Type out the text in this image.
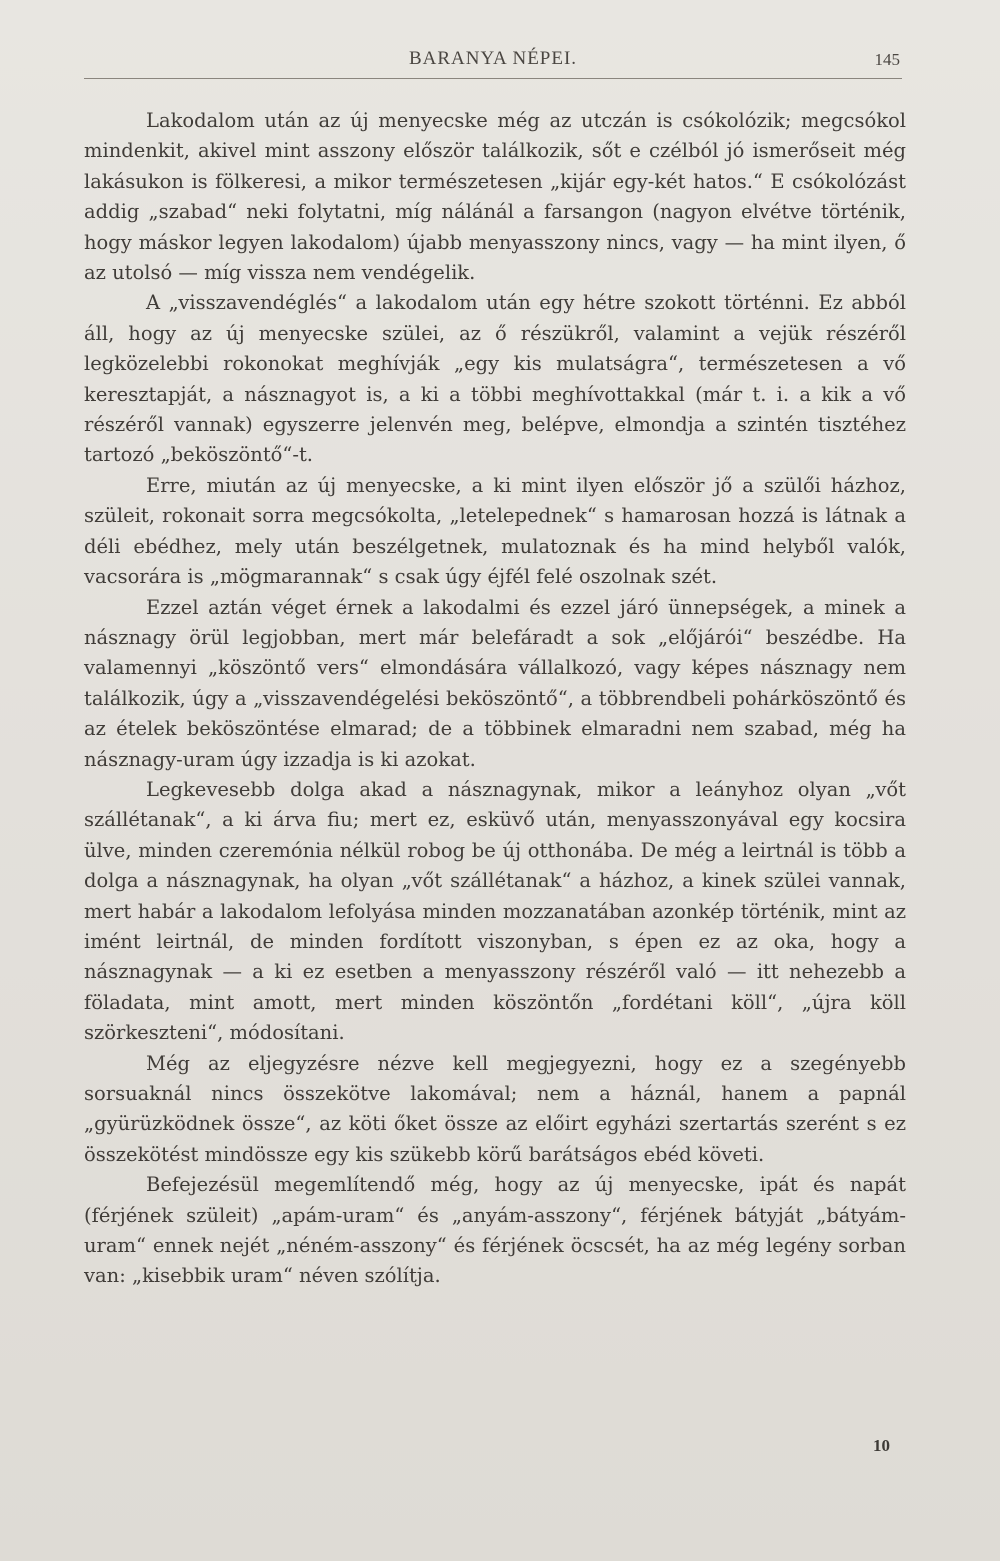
BARANYA NÉPEI.	145

Lakodalom után az új menyecske még az utczán is csókolózik; megcsókol mindenkit, akivel mint asszony először találkozik, sőt e czélból jó ismerőseit még lakásukon is fölkeresi, a mikor természetesen „kijár egy-két hatos.“ E csókolózást addig „szabad“ neki folytatni, míg nálánál a farsangon (nagyon elvétve történik, hogy máskor legyen lakodalom) újabb menyasszony nincs, vagy — ha mint ilyen, ő az utolsó — míg vissza nem vendégelik.

A „visszavendéglés“ a lakodalom után egy hétre szokott történni. Ez abból áll, hogy az új menyecske szülei, az ő részükről, valamint a vejük részéről legközelebbi rokonokat meghívják „egy kis mulatságra“, természetesen a vő keresztapját, a násznagyot is, a ki a többi meghívottakkal (már t. i. a kik a vő részéről vannak) egyszerre jelenvén meg, belépve, elmondja a szintén tisztéhez tartozó „beköszöntő“-t.

Erre, miután az új menyecske, a ki mint ilyen először jő a szülői házhoz, szüleit, rokonait sorra megcsókolta, „letelepednek“ s hamarosan hozzá is látnak a déli ebédhez, mely után beszélgetnek, mulatoznak és ha mind helyből valók, vacsorára is „mögmarannak“ s csak úgy éjfél felé oszolnak szét.

Ezzel aztán véget érnek a lakodalmi és ezzel járó ünnepségek, a minek a násznagy örül legjobban, mert már belefáradt a sok „előjárói“ beszédbe. Ha valamennyi „köszöntő vers“ elmondására vállalkozó, vagy képes násznagy nem találkozik, úgy a „visszavendégelési beköszöntő“, a többrendbeli pohárköszöntő és az ételek beköszöntése elmarad; de a többinek elmaradni nem szabad, még ha násznagy-uram úgy izzadja is ki azokat.

Legkevesebb dolga akad a násznagynak, mikor a leányhoz olyan „vőt szállétanak“, a ki árva fiu; mert ez, esküvő után, menyasszonyával egy kocsira ülve, minden czeremónia nélkül robog be új otthonába. De még a leirtnál is több a dolga a násznagynak, ha olyan „vőt szállétanak“ a házhoz, a kinek szülei vannak, mert habár a lakodalom lefolyása minden mozzanatában azonkép történik, mint az imént leirtnál, de minden fordított viszonyban, s épen ez az oka, hogy a násznagynak — a ki ez esetben a menyasszony részéről való — itt nehezebb a föladata, mint amott, mert minden köszöntőn „fordétani köll“, „újra köll szörkeszteni“, módosítani.

Még az eljegyzésre nézve kell megjegyezni, hogy ez a szegényebb sorsuaknál nincs összekötve lakomával; nem a háznál, hanem a papnál „gyürüzködnek össze“, az köti őket össze az előirt egyházi szertartás szerént s ez összekötést mindössze egy kis szükebb körű barátságos ebéd követi.

Befejezésül megemlítendő még, hogy az új menyecske, ipát és napát (férjének szüleit) „apám-uram“ és „anyám-asszony“, férjének bátyját „bátyám-uram“ ennek nejét „néném-asszony“ és férjének öcscsét, ha az még legény sorban van: „kisebbik uram“ néven szólítja.

10
